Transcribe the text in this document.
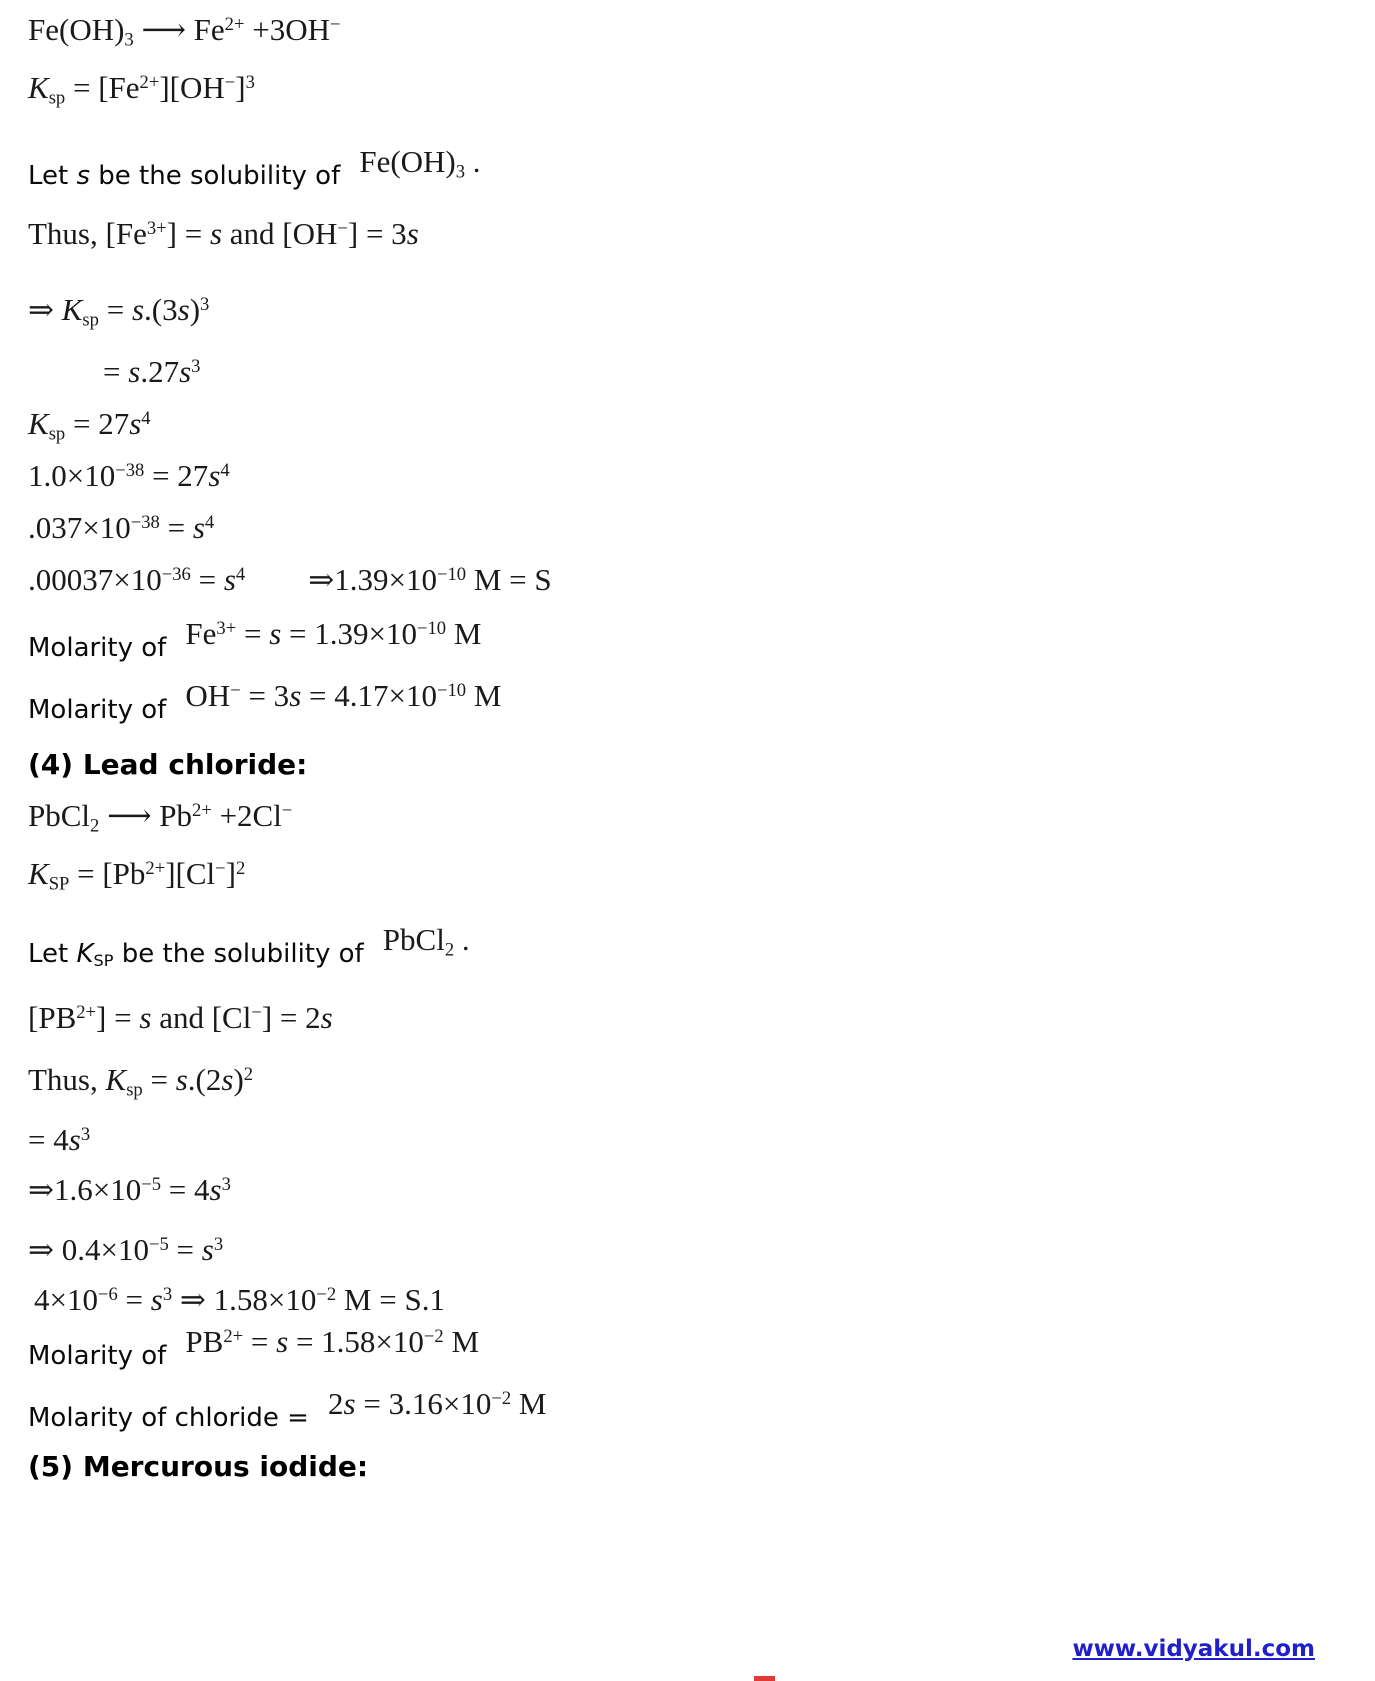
$Fe(OH)_3$ ⟶ $Fe^{2+} +3OH^-$
$K_{sp} = [Fe^{2+}][OH^-]^3$
Let s be the solubility of $Fe(OH)_3$ .
Thus, $[Fe^{3+}] = s$ and [OH−] = 3s
⇒ $K_{sp} = s.(3s)^3$
= $s.27s^3$
$K_{sp} = 27s^4$
$1.0\times 10^{-38} = 27s^4$
$.037\times 10^{-38} = s^4$
$.00037\times 10^{-36} = s^4$ $\Rightarrow 1.39\times 10^{-10}$ M = S
Molarity of $Fe^{3+} = s = 1.39\times 10^{-10}$ M
Molarity of $OH^- = 3s = 4.17\times 10^{-10}$ M
(4) Lead chloride:
PbCl$_2$ ⟶ $Pb^{2+} +2Cl^-$
$K_{SP} = [Pb^{2+}][Cl^-]^2$
Let $K_{SP}$ be the solubility of PbCl$_2$ .
$[PB^{2+}] = s$ and [Cl−] = 2s
Thus, $K_{sp} = s.(2s)^2$
= $4s^3$
$\Rightarrow 1.6\times 10^{-5} = 4s^3$
⇒ $0.4\times 10^{-5} = s^3$
$4\times 10^{-6} = s^3$ ⇒ $1.58\times 10^{-2}$ M = S.1
Molarity of $PB^{2+} = s = 1.58\times 10^{-2}$ M
Molarity of chloride = $2s = 3.16\times 10^{-2}$ M
(5) Mercurous iodide:
www.vidyakul.com
